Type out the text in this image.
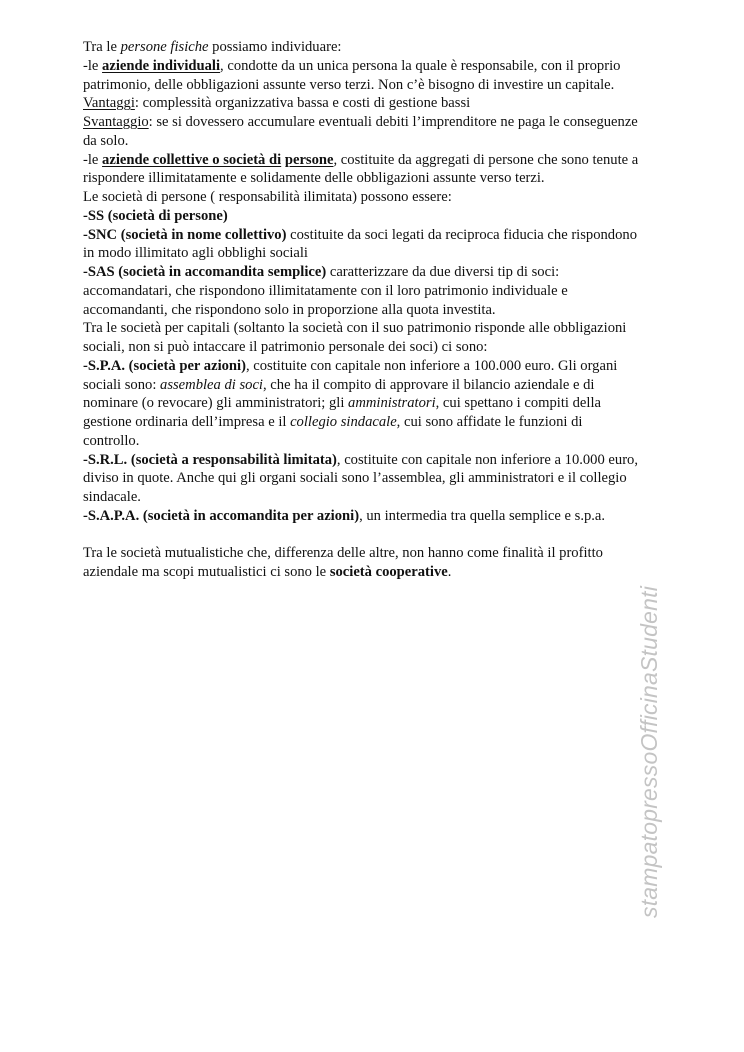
Tra le persone fisiche possiamo individuare:
-le aziende individuali, condotte da un unica persona la quale è responsabile, con il proprio
patrimonio, delle obbligazioni assunte verso terzi. Non c’è bisogno di investire un capitale.
Vantaggi: complessità organizzativa bassa e costi di gestione bassi
Svantaggio: se si dovessero accumulare eventuali debiti l’imprenditore ne paga le conseguenze
da solo.
-le aziende collettive o società di persone, costituite da aggregati di persone che sono tenute a
rispondere illimitatamente e solidamente delle obbligazioni assunte verso terzi.
Le società di persone ( responsabilità ilimitata) possono essere:
-SS (società di persone)
-SNC (società in nome collettivo) costituite da soci legati da reciproca fiducia che rispondono
in modo illimitato agli obblighi sociali
-SAS (società in accomandita semplice) caratterizzare da due diversi tip di soci:
accomandatari, che rispondono illimitatamente con il loro patrimonio individuale e
accomandanti, che rispondono solo in proporzione alla quota investita.
Tra le società per capitali (soltanto la società con il suo patrimonio risponde alle obbligazioni
sociali, non si può intaccare il patrimonio personale dei soci) ci sono:
-S.P.A. (società per azioni), costituite con capitale non inferiore a 100.000 euro. Gli organi
sociali sono: assemblea di soci, che ha il compito di approvare il bilancio aziendale e di
nominare (o revocare) gli amministratori; gli amministratori, cui spettano i compiti della
gestione ordinaria dell’impresa e il collegio sindacale, cui sono affidate le funzioni di
controllo.
-S.R.L. (società a responsabilità limitata), costituite con capitale non inferiore a 10.000 euro,
diviso in quote. Anche qui gli organi sociali sono l’assemblea, gli amministratori e il collegio
sindacale.
-S.A.P.A. (società in accomandita per azioni), un intermedia tra quella semplice e s.p.a.
Tra le società mutualistiche che, differenza delle altre, non hanno come finalità il profitto
aziendale ma scopi mutualistici ci sono le società cooperative.
stampatopressoOfficinaStudenti
